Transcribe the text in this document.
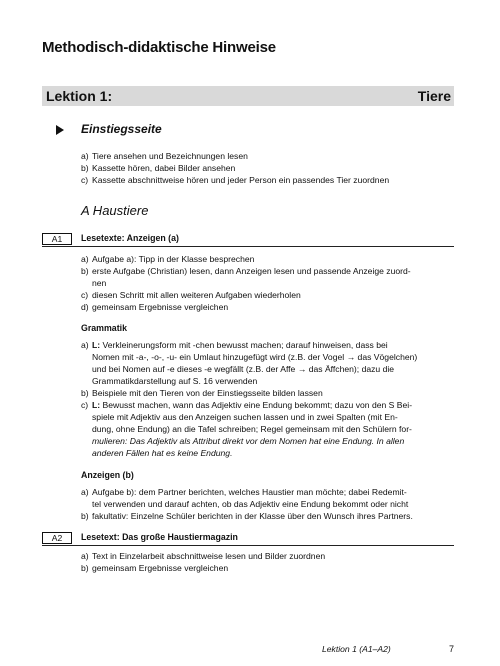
Methodisch-didaktische Hinweise
Lektion 1:	Tiere
Einstiegsseite
a) Tiere ansehen und Bezeichnungen lesen
b) Kassette hören, dabei Bilder ansehen
c) Kassette abschnittweise hören und jeder Person ein passendes Tier zuordnen
A Haustiere
A1	Lesetexte: Anzeigen (a)
a) Aufgabe a): Tipp in der Klasse besprechen
b) erste Aufgabe (Christian) lesen, dann Anzeigen lesen und passende Anzeige zuord-
nen
c) diesen Schritt mit allen weiteren Aufgaben wiederholen
d) gemeinsam Ergebnisse vergleichen
Grammatik
a) L: Verkleinerungsform mit -chen bewusst machen; darauf hinweisen, dass bei
Nomen mit -a-, -o-, -u- ein Umlaut hinzugefügt wird (z.B. der Vogel → das Vögelchen)
und bei Nomen auf -e dieses -e wegfällt (z.B. der Affe → das Äffchen); dazu die
Grammatikdarstellung auf S. 16 verwenden
b) Beispiele mit den Tieren von der Einstiegsseite bilden lassen
c) L: Bewusst machen, wann das Adjektiv eine Endung bekommt; dazu von den S Bei-
spiele mit Adjektiv aus den Anzeigen suchen lassen und in zwei Spalten (mit En-
dung, ohne Endung) an die Tafel schreiben; Regel gemeinsam mit den Schülern for-
mulieren: Das Adjektiv als Attribut direkt vor dem Nomen hat eine Endung. In allen
anderen Fällen hat es keine Endung.
Anzeigen (b)
a) Aufgabe b): dem Partner berichten, welches Haustier man möchte; dabei Redemit-
tel verwenden und darauf achten, ob das Adjektiv eine Endung bekommt oder nicht
b) fakultativ: Einzelne Schüler berichten in der Klasse über den Wunsch ihres Partners.
A2	Lesetext: Das große Haustiermagazin
a) Text in Einzelarbeit abschnittweise lesen und Bilder zuordnen
b) gemeinsam Ergebnisse vergleichen
Lektion 1 (A1–A2)	7
